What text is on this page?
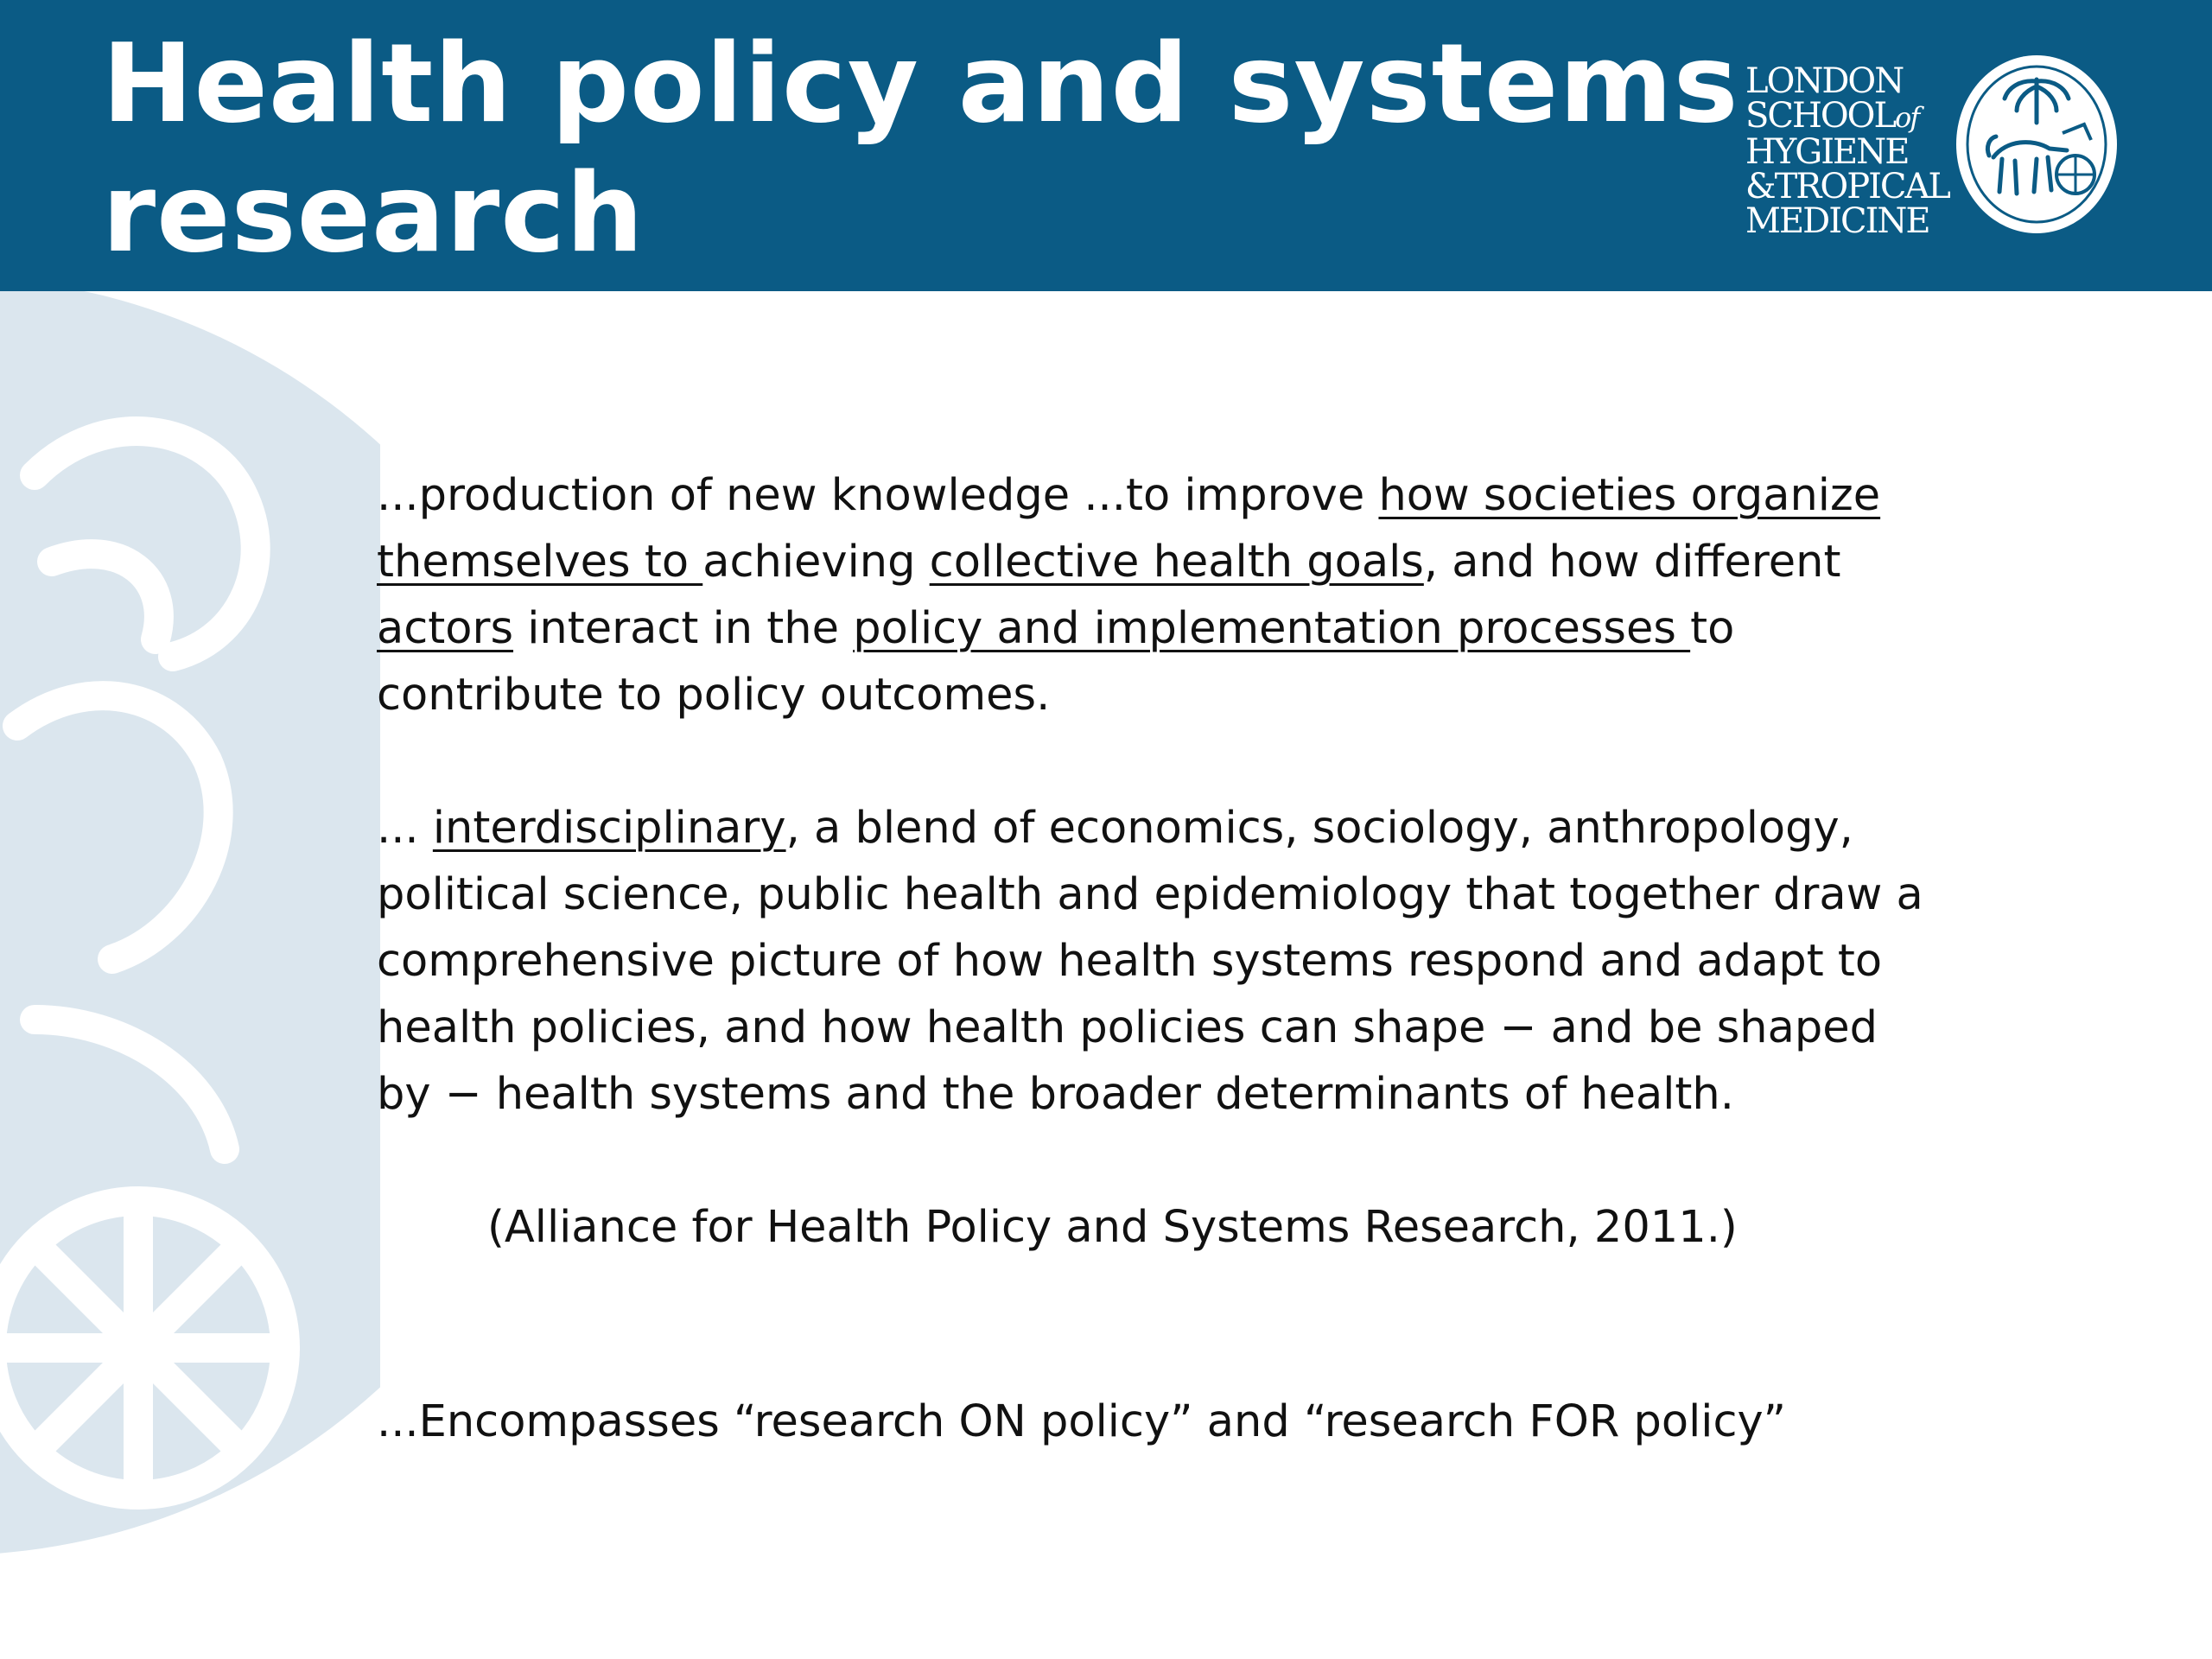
Health policy and systems research
LONDON
SCHOOLof
HYGIENE
&TROPICAL
MEDICINE

...production of new knowledge ...to improve how societies organize themselves to achieving collective health goals, and how different actors interact in the policy and implementation processes to contribute to policy outcomes.

... interdisciplinary, a blend of economics, sociology, anthropology, political science, public health and epidemiology that together draw a comprehensive picture of how health systems respond and adapt to health policies, and how health policies can shape − and be shaped by − health systems and the broader determinants of health.

(Alliance for Health Policy and Systems Research, 2011.)

...Encompasses “research ON policy” and “research FOR policy”
